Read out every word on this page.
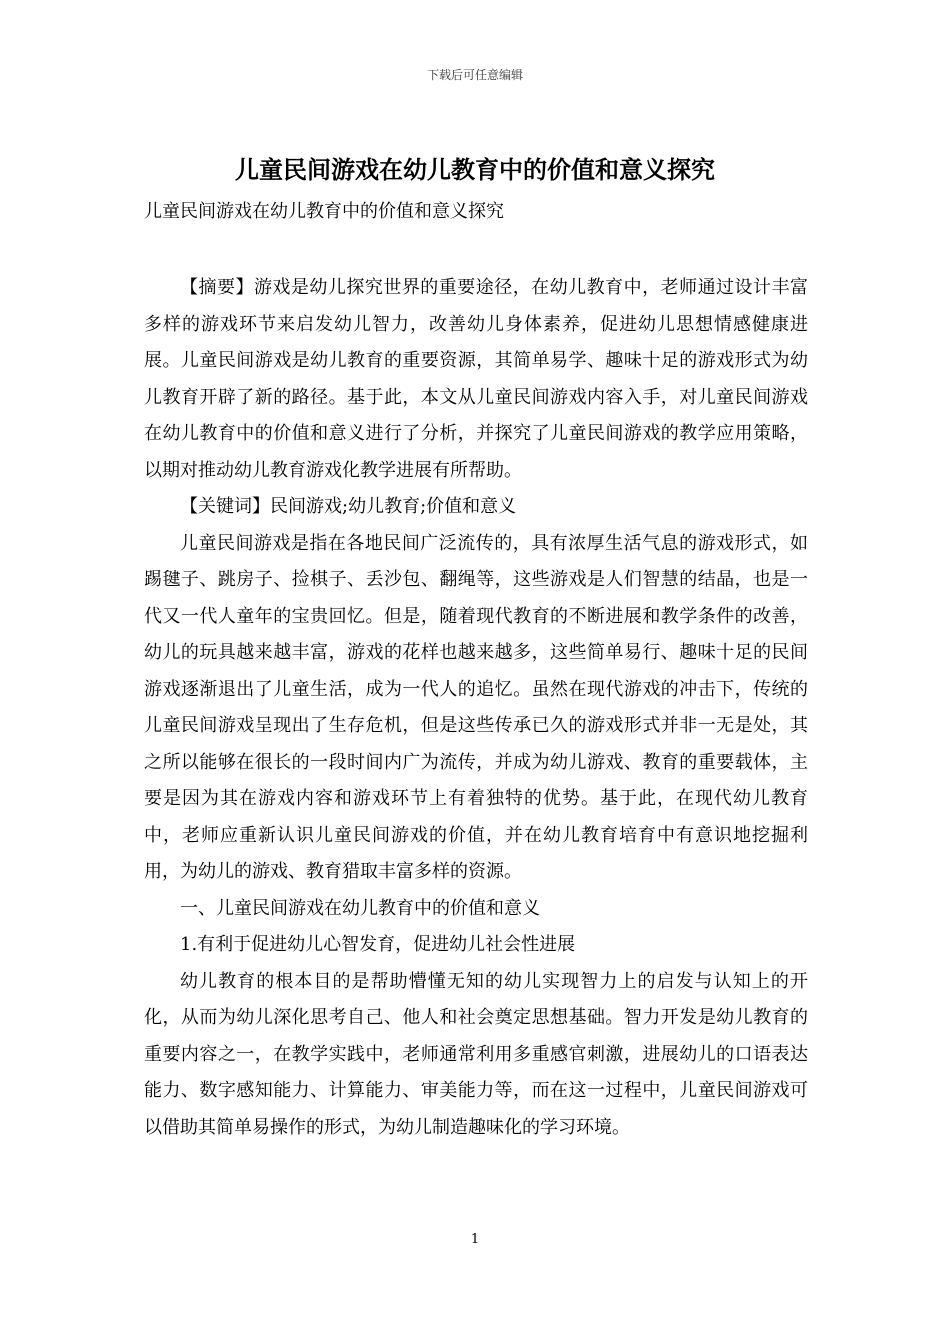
下载后可任意编辑
儿童民间游戏在幼儿教育中的价值和意义探究

儿童民间游戏在幼儿教育中的价值和意义探究

【摘要】游戏是幼儿探究世界的重要途径，在幼儿教育中，老师通过设计丰富多样的游戏环节来启发幼儿智力，改善幼儿身体素养，促进幼儿思想情感健康进展。儿童民间游戏是幼儿教育的重要资源，其简单易学、趣味十足的游戏形式为幼儿教育开辟了新的路径。基于此，本文从儿童民间游戏内容入手，对儿童民间游戏在幼儿教育中的价值和意义进行了分析，并探究了儿童民间游戏的教学应用策略，以期对推动幼儿教育游戏化教学进展有所帮助。

【关键词】民间游戏;幼儿教育;价值和意义

儿童民间游戏是指在各地民间广泛流传的，具有浓厚生活气息的游戏形式，如踢毽子、跳房子、捡棋子、丢沙包、翻绳等，这些游戏是人们智慧的结晶，也是一代又一代人童年的宝贵回忆。但是，随着现代教育的不断进展和教学条件的改善，幼儿的玩具越来越丰富，游戏的花样也越来越多，这些简单易行、趣味十足的民间游戏逐渐退出了儿童生活，成为一代人的追忆。虽然在现代游戏的冲击下，传统的儿童民间游戏呈现出了生存危机，但是这些传承已久的游戏形式并非一无是处，其之所以能够在很长的一段时间内广为流传，并成为幼儿游戏、教育的重要载体，主要是因为其在游戏内容和游戏环节上有着独特的优势。基于此，在现代幼儿教育中，老师应重新认识儿童民间游戏的价值，并在幼儿教育培育中有意识地挖掘利用，为幼儿的游戏、教育猎取丰富多样的资源。

一、儿童民间游戏在幼儿教育中的价值和意义

1.有利于促进幼儿心智发育，促进幼儿社会性进展

幼儿教育的根本目的是帮助懵懂无知的幼儿实现智力上的启发与认知上的开化，从而为幼儿深化思考自己、他人和社会奠定思想基础。智力开发是幼儿教育的重要内容之一，在教学实践中，老师通常利用多重感官刺激，进展幼儿的口语表达能力、数字感知能力、计算能力、审美能力等，而在这一过程中，儿童民间游戏可以借助其简单易操作的形式，为幼儿制造趣味化的学习环境。

1
